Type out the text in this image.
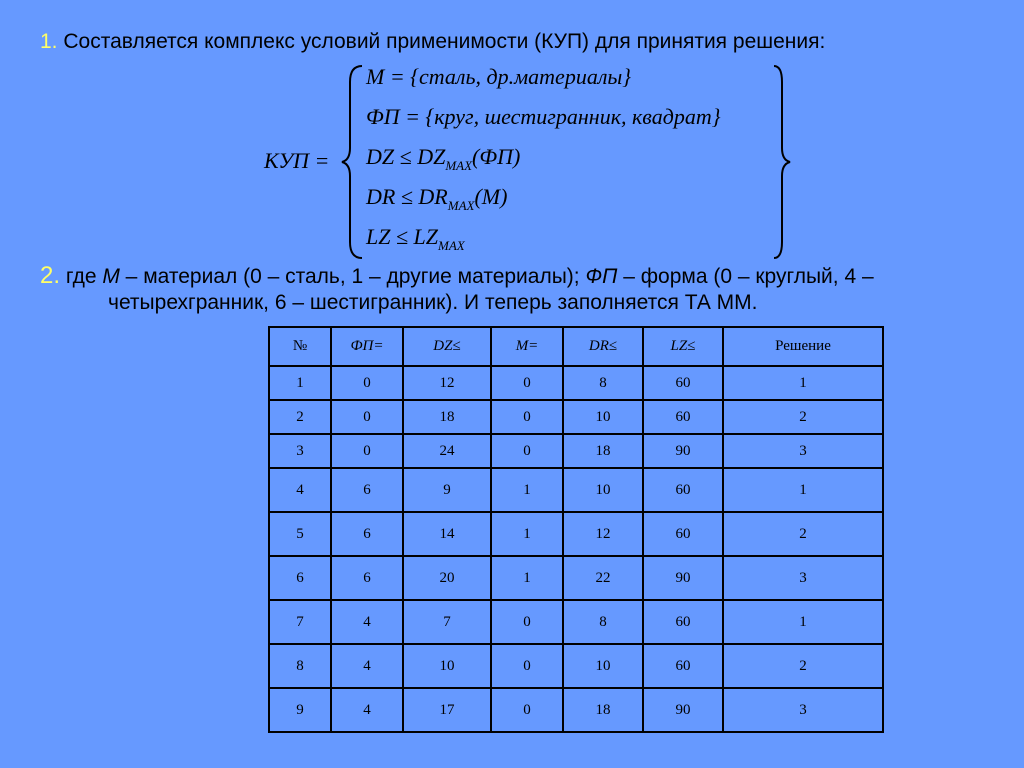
1. Составляется комплекс условий применимости (КУП) для принятия решения:
КУП =
M = {сталь, др.материалы}
ФП = {круг, шестигранник, квадрат}
DZ ≤ $DZ_{MAX}(ФП)$
DR ≤ $DR_{MAX}(M)$
LZ ≤ $LZ_{MAX}$
2. где M – материал (0 – сталь, 1 – другие материалы); ФП – форма (0 – круглый, 4 –
четырехгранник, 6 – шестигранник). И теперь заполняется ТА ММ.
№	ФП=	DZ≤	M=	DR≤	LZ≤	Решение
1	0	12	0	8	60	1
2	0	18	0	10	60	2
3	0	24	0	18	90	3
4	6	9	1	10	60	1
5	6	14	1	12	60	2
6	6	20	1	22	90	3
7	4	7	0	8	60	1
8	4	10	0	10	60	2
9	4	17	0	18	90	3
